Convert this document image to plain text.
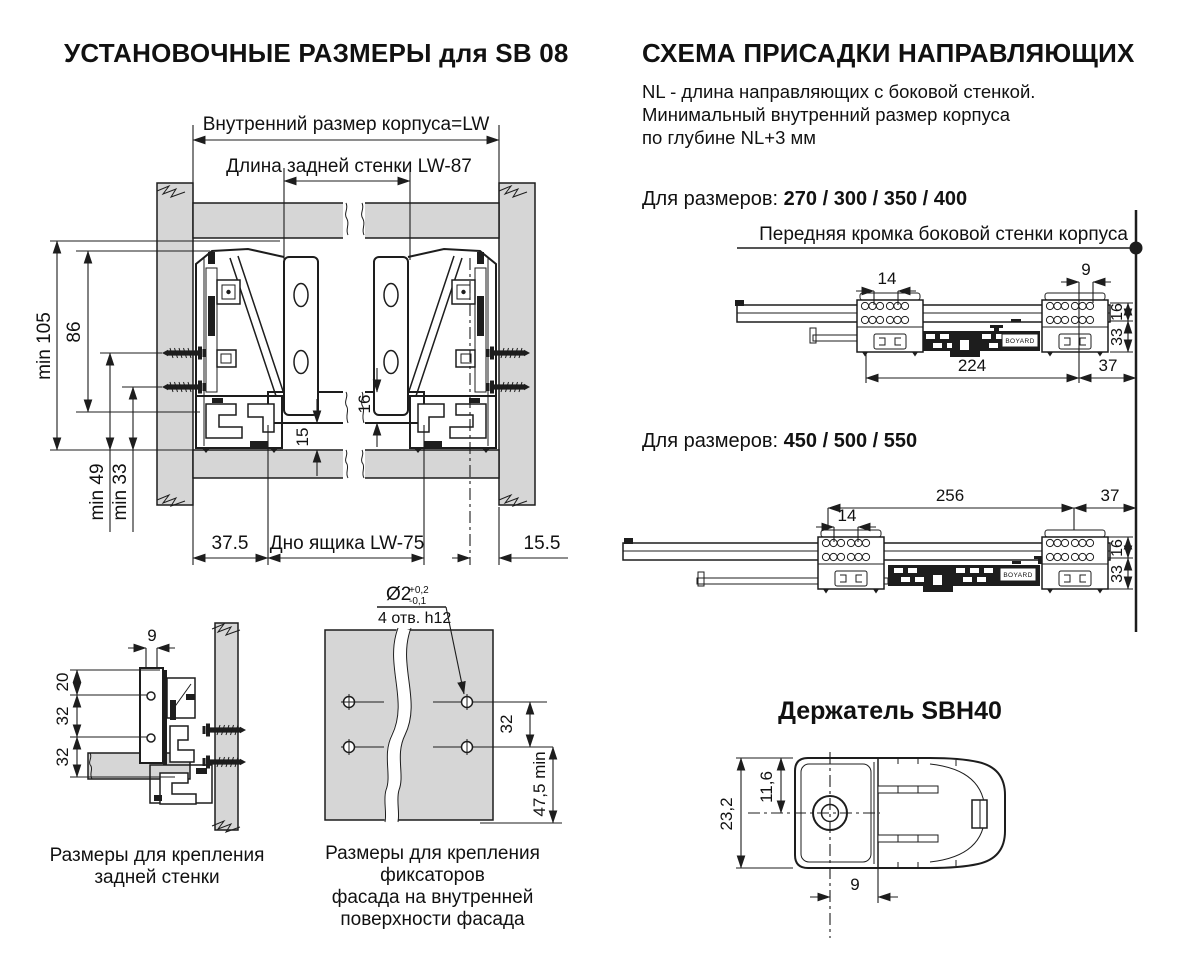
Внутренний размер корпуса=LW
Длина задней стенки LW-87
min 105 86
min 49 min 33
16
15
37.5 Дно ящика LW-75	15.5
9
20
32
32
Ø2
+0,2
-0,1
4 отв. h12
32
47,5 min
BOYARD
14	9
16
33
224	37
256	37
BOYARD
14
16
33
23,2
11,6
9
УСТАНОВОЧНЫЕ РАЗМЕРЫ для SB 08	СХЕМА ПРИСАДКИ НАПРАВЛЯЮЩИХ
NL - длина направляющих с боковой стенкой.
Минимальный внутренний размер корпуса
по глубине NL+3 мм
Для размеров: 270 / 300 / 350 / 400
Передняя кромка боковой стенки корпуса
Для размеров: 450 / 500 / 550
Держатель SBH40
Размеры для крепления
задней стенки
Размеры для крепления фиксаторов
фасада на внутренней
поверхности фасада
